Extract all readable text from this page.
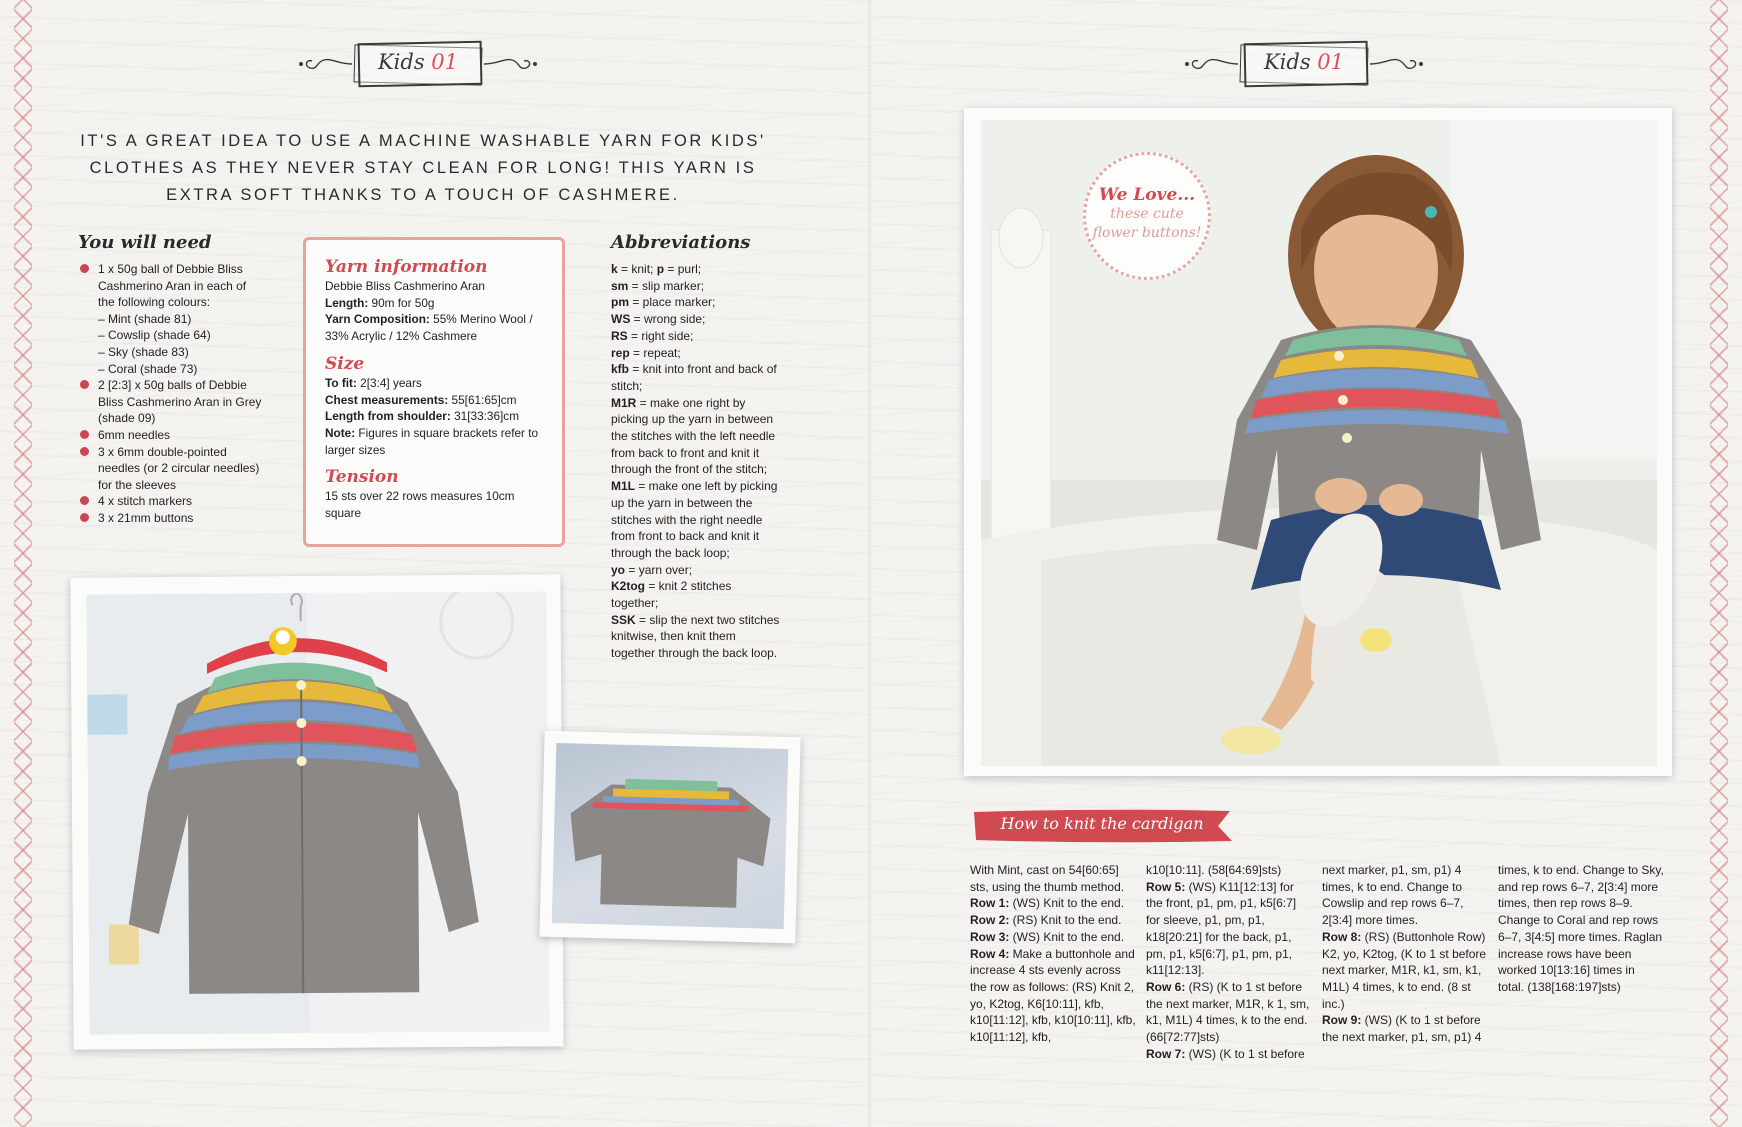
Kids 01
IT'S A GREAT IDEA TO USE A MACHINE WASHABLE YARN FOR KIDS' CLOTHES AS THEY NEVER STAY CLEAN FOR LONG! THIS YARN IS EXTRA SOFT THANKS TO A TOUCH OF CASHMERE.
You will need
1 x 50g ball of Debbie Bliss Cashmerino Aran in each of the following colours:
– Mint (shade 81)
– Cowslip (shade 64)
– Sky (shade 83)
– Coral (shade 73)
2 [2:3] x 50g balls of Debbie Bliss Cashmerino Aran in Grey (shade 09)
6mm needles
3 x 6mm double-pointed needles (or 2 circular needles) for the sleeves
4 x stitch markers
3 x 21mm buttons
Yarn information

Debbie Bliss Cashmerino Aran

Length: 90m for 50g

Yarn Composition: 55% Merino Wool / 33% Acrylic / 12% Cashmere

Size

To fit: 2[3:4] years

Chest measurements: 55[61:65]cm

Length from shoulder: 31[33:36]cm

Note: Figures in square brackets refer to larger sizes

Tension

15 sts over 22 rows measures 10cm square

Abbreviations

k = knit; p = purl;

sm = slip marker;

pm = place marker;

WS = wrong side;

RS = right side;

rep = repeat;

kfb = knit into front and back of stitch;

M1R = make one right by picking up the yarn in between the stitches with the left needle from back to front and knit it through the front of the stitch;

M1L = make one left by picking up the yarn in between the stitches with the right needle from front to back and knit it through the back loop;

yo = yarn over;

K2tog = knit 2 stitches together;

SSK = slip the next two stitches knitwise, then knit them together through the back loop.

Kids 01
We Love...
these cute flower buttons!
How to knit the cardigan

With Mint, cast on 54[60:65] sts, using the thumb method.

Row 1: (WS) Knit to the end.

Row 2: (RS) Knit to the end.

Row 3: (WS) Knit to the end.

Row 4: Make a buttonhole and increase 4 sts evenly across the row as follows: (RS) Knit 2, yo, K2tog, K6[10:11], kfb, k10[11:12], kfb, k10[10:11], kfb, k10[11:12], kfb,

k10[10:11]. (58[64:69]sts)

Row 5: (WS) K11[12:13] for the front, p1, pm, p1, k5[6:7] for sleeve, p1, pm, p1, k18[20:21] for the back, p1, pm, p1, k5[6:7], p1, pm, p1, k11[12:13].

Row 6: (RS) (K to 1 st before the next marker, M1R, k 1, sm, k1, M1L) 4 times, k to the end. (66[72:77]sts)

Row 7: (WS) (K to 1 st before

next marker, p1, sm, p1) 4 times, k to end. Change to Cowslip and rep rows 6–7, 2[3:4] more times.

Row 8: (RS) (Buttonhole Row) K2, yo, K2tog, (K to 1 st before next marker, M1R, k1, sm, k1, M1L) 4 times, k to end. (8 st inc.)

Row 9: (WS) (K to 1 st before the next marker, p1, sm, p1) 4

times, k to end. Change to Sky, and rep rows 6–7, 2[3:4] more times, then rep rows 8–9. Change to Coral and rep rows 6–7, 3[4:5] more times. Raglan increase rows have been worked 10[13:16] times in total. (138[168:197]sts)
